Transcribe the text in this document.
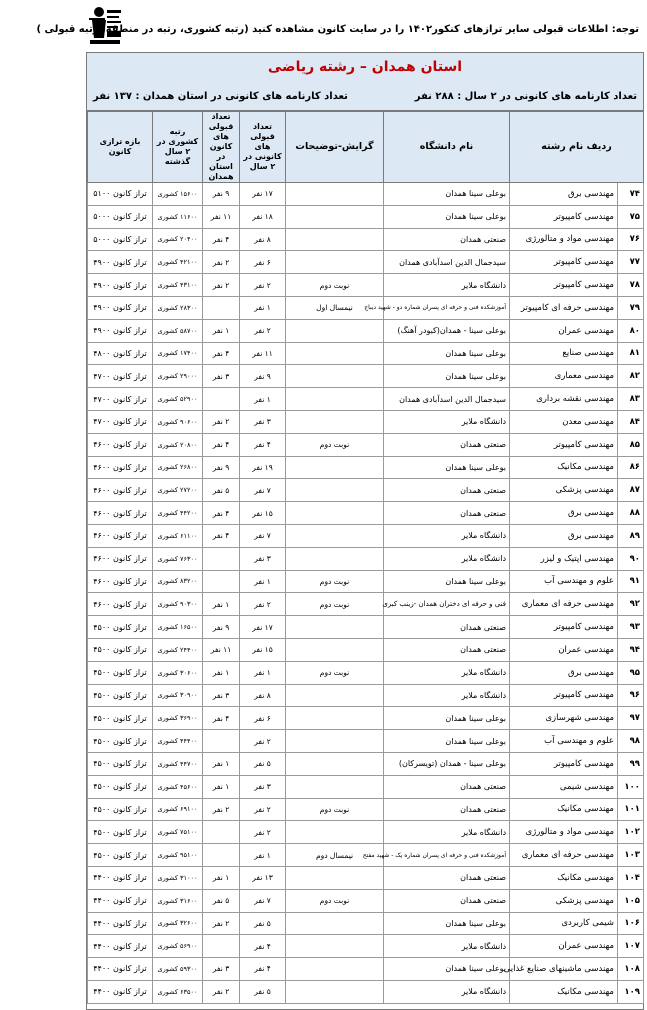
توجه: اطلاعات قبولی سایر ترازهای کنکور۱۴۰۲ را در سایت کانون مشاهده کنید (رتبه کشوری، رتبه در منطقه، رتبه قبولی )
استان همدان – رشته ریاضی
تعداد کارنامه های کانونی در ۲ سال : ۲۸۸ نفر
تعداد کارنامه های کانونی در استان همدان : ۱۳۷ نفر
ردیف نام رشته		نام دانشگاه	گرایش-توضیحات	تعداد قبولی های کانونی در ۲ سال	تعداد قبولی های کانون در استان همدان	رتبه کشوری در ۲ سال گذشته	بازه ترازی کانون
۷۴	مهندسی برق	بوعلی سینا همدان		۱۷ نفر	۹ نفر	۱۵۶۰۰ کشوری	تراز کانون ۵۱۰۰
۷۵	مهندسی کامپیوتر	بوعلی سینا همدان		۱۸ نفر	۱۱ نفر	۱۱۶۰۰ کشوری	تراز کانون ۵۰۰۰
۷۶	مهندسی مواد و متالورژی	صنعتی همدان		۸ نفر	۴ نفر	۲۰۴۰۰ کشوری	تراز کانون ۵۰۰۰
۷۷	مهندسی کامپیوتر	سیدجمال الدین اسدآبادی همدان		۶ نفر	۲ نفر	۴۲۱۰۰ کشوری	تراز کانون ۴۹۰۰
۷۸	مهندسی کامپیوتر	دانشگاه ملایر	نوبت دوم	۲ نفر	۲ نفر	۴۳۱۰۰ کشوری	تراز کانون ۴۹۰۰
۷۹	مهندسی حرفه ای کامپیوتر	آموزشکده فنی و حرفه ای پسران شماره دو - شهید دیباج	نیمسال اول	۱ نفر		۲۸۳۰۰ کشوری	تراز کانون ۴۹۰۰
۸۰	مهندسی عمران	بوعلی سینا - همدان(کبودر آهنگ)		۲ نفر	۱ نفر	۵۸۷۰۰ کشوری	تراز کانون ۴۹۰۰
۸۱	مهندسی صنایع	بوعلی سینا همدان		۱۱ نفر	۴ نفر	۱۷۴۰۰ کشوری	تراز کانون ۴۸۰۰
۸۲	مهندسی معماری	بوعلی سینا همدان		۹ نفر	۳ نفر	۲۹۰۰۰ کشوری	تراز کانون ۴۷۰۰
۸۳	مهندسی نقشه برداری	سیدجمال الدین اسدآبادی همدان		۱ نفر		۵۲۹۰۰ کشوری	تراز کانون ۴۷۰۰
۸۴	مهندسی معدن	دانشگاه ملایر		۳ نفر	۲ نفر	۹۰۶۰۰ کشوری	تراز کانون ۴۷۰۰
۸۵	مهندسی کامپیوتر	صنعتی همدان	نوبت دوم	۴ نفر	۴ نفر	۲۰۸۰۰ کشوری	تراز کانون ۴۶۰۰
۸۶	مهندسی مکانیک	بوعلی سینا همدان		۱۹ نفر	۹ نفر	۲۶۸۰۰ کشوری	تراز کانون ۴۶۰۰
۸۷	مهندسی پزشکی	صنعتی همدان		۷ نفر	۵ نفر	۲۷۲۰۰ کشوری	تراز کانون ۴۶۰۰
۸۸	مهندسی برق	صنعتی همدان		۱۵ نفر	۴ نفر	۴۴۲۰۰ کشوری	تراز کانون ۴۶۰۰
۸۹	مهندسی برق	دانشگاه ملایر		۷ نفر	۴ نفر	۶۱۱۰۰ کشوری	تراز کانون ۴۶۰۰
۹۰	مهندسی اپتیک و لیزر	دانشگاه ملایر		۳ نفر		۷۶۳۰۰ کشوری	تراز کانون ۴۶۰۰
۹۱	علوم و مهندسی آب	بوعلی سینا همدان	نوبت دوم	۱ نفر		۸۳۲۰۰ کشوری	تراز کانون ۴۶۰۰
۹۲	مهندسی حرفه ای معماری	فنی و حرفه ای دختران همدان -زینب کبری	نوبت دوم	۲ نفر	۱ نفر	۹۰۳۰۰ کشوری	تراز کانون ۴۶۰۰
۹۳	مهندسی کامپیوتر	صنعتی همدان		۱۷ نفر	۹ نفر	۱۶۵۰۰ کشوری	تراز کانون ۴۵۰۰
۹۴	مهندسی عمران	صنعتی همدان		۱۵ نفر	۱۱ نفر	۲۴۴۰۰ کشوری	تراز کانون ۴۵۰۰
۹۵	مهندسی برق	دانشگاه ملایر	نوبت دوم	۱ نفر	۱ نفر	۳۰۶۰۰ کشوری	تراز کانون ۴۵۰۰
۹۶	مهندسی کامپیوتر	دانشگاه ملایر		۸ نفر	۳ نفر	۳۰۹۰۰ کشوری	تراز کانون ۴۵۰۰
۹۷	مهندسی شهرسازی	بوعلی سینا همدان		۶ نفر	۴ نفر	۳۶۹۰۰ کشوری	تراز کانون ۴۵۰۰
۹۸	علوم و مهندسی آب	بوعلی سینا همدان		۲ نفر		۴۴۴۰۰ کشوری	تراز کانون ۴۵۰۰
۹۹	مهندسی کامپیوتر	بوعلی سینا - همدان (تویسرکان)		۵ نفر	۱ نفر	۴۴۷۰۰ کشوری	تراز کانون ۴۵۰۰
۱۰۰	مهندسی شیمی	صنعتی همدان		۳ نفر	۱ نفر	۴۵۶۰۰ کشوری	تراز کانون ۴۵۰۰
۱۰۱	مهندسی مکانیک	صنعتی همدان	نوبت دوم	۲ نفر	۲ نفر	۶۹۱۰۰ کشوری	تراز کانون ۴۵۰۰
۱۰۲	مهندسی مواد و متالورژی	دانشگاه ملایر		۲ نفر		۷۵۱۰۰ کشوری	تراز کانون ۴۵۰۰
۱۰۳	مهندسی حرفه ای معماری	آموزشکده فنی و حرفه ای پسران شماره یک - شهید مفتح	نیمسال دوم	۱ نفر		۹۵۱۰۰ کشوری	تراز کانون ۴۵۰۰
۱۰۴	مهندسی مکانیک	صنعتی همدان		۱۳ نفر	۱ نفر	۳۱۰۰۰ کشوری	تراز کانون ۴۴۰۰
۱۰۵	مهندسی پزشکی	صنعتی همدان	نوبت دوم	۷ نفر	۵ نفر	۳۱۶۰۰ کشوری	تراز کانون ۴۴۰۰
۱۰۶	شیمی کاربردی	بوعلی سینا همدان		۵ نفر	۲ نفر	۳۲۶۰۰ کشوری	تراز کانون ۴۴۰۰
۱۰۷	مهندسی عمران	دانشگاه ملایر		۴ نفر		۵۶۹۰۰ کشوری	تراز کانون ۴۴۰۰
۱۰۸	مهندسی ماشینهای صنایع غذایی	بوعلی سینا همدان		۴ نفر	۳ نفر	۵۹۳۰۰ کشوری	تراز کانون ۴۴۰۰
۱۰۹	مهندسی مکانیک	دانشگاه ملایر		۵ نفر	۲ نفر	۶۳۵۰۰ کشوری	تراز کانون ۴۴۰۰
